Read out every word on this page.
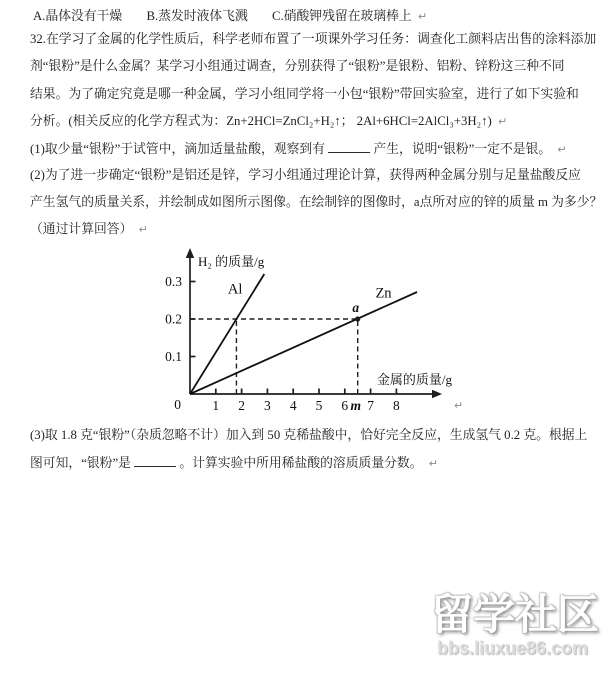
A.晶体没有干燥 B.蒸发时液体飞溅 C.硝酸钾残留在玻璃棒上 ↵
32.在学习了金属的化学性质后，科学老师布置了一项课外学习任务：调查化工颜料店出售的涂料添加
剂“银粉”是什么金属？某学习小组通过调查，分别获得了“银粉”是银粉、铝粉、锌粉这三种不同
结果。为了确定究竟是哪一种金属，学习小组同学将一小包“银粉”带回实验室，进行了如下实验和
分析。(相关反应的化学方程式为：Zn+2HCl=ZnCl₂+H₂↑； 2Al+6HCl=2AlCl₃+3H₂↑) ↵
(1)取少量“银粉”于试管中，滴加适量盐酸，观察到有	产生，说明“银粉”一定不是银。 ↵
(2)为了进一步确定“银粉”是铝还是锌，学习小组通过理论计算，获得两种金属分别与足量盐酸反应
产生氢气的质量关系，并绘制成如图所示图像。在绘制锌的图像时，a点所对应的锌的质量 m 为多少？
（通过计算回答） ↵
1 2 3 4 5 6 7 8
0.1
0.2
0.3
0
Al	Zn
a
m
H₂ 的质量/g
金属的质量/g
↵
(3)取 1.8 克“银粉”（杂质忽略不计）加入到 50 克稀盐酸中，恰好完全反应，生成氢气 0.2 克。根据上
图可知，“银粉”是	。计算实验中所用稀盐酸的溶质质量分数。 ↵
留学社区
bbs.liuxue86.com
